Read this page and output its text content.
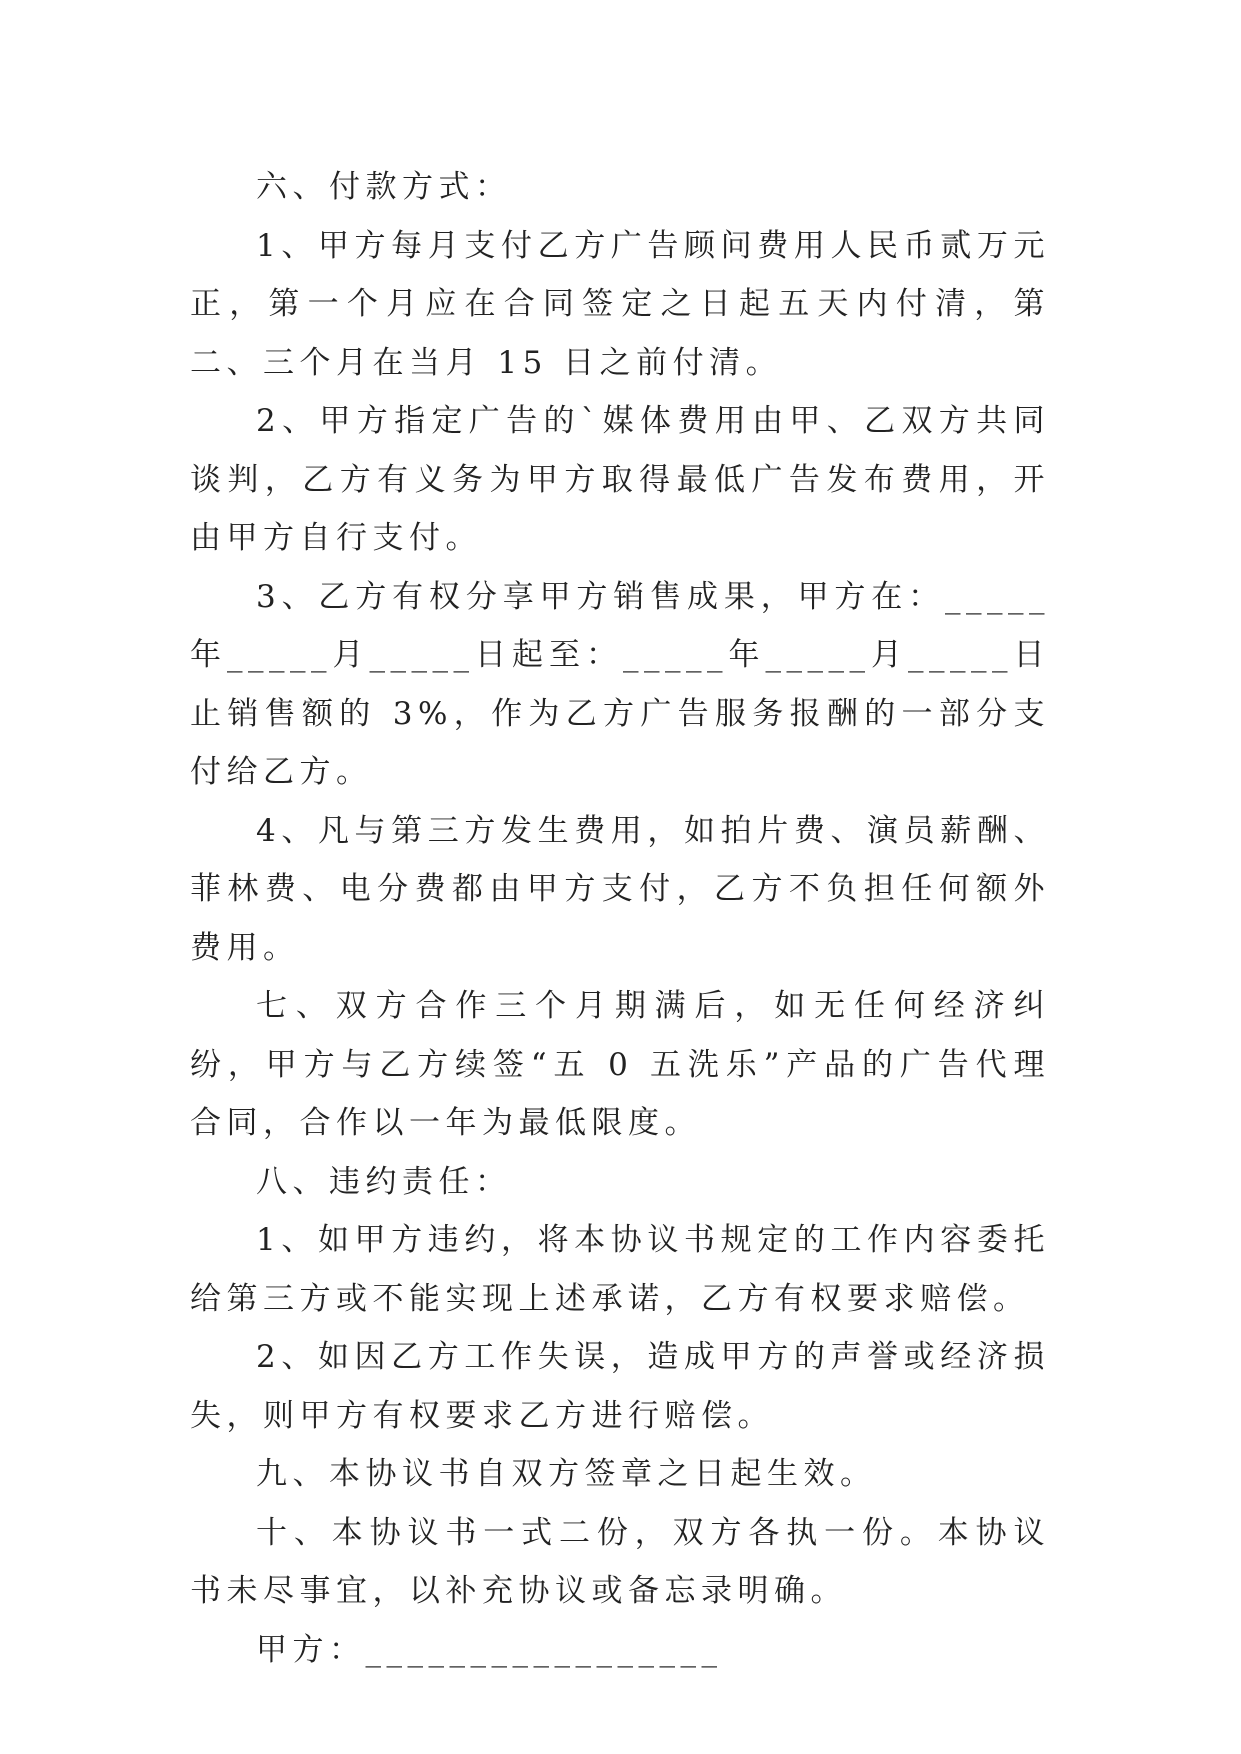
六、付款方式：

1、甲方每月支付乙方广告顾问费用人民币贰万元正，第一个月应在合同签定之日起五天内付清，第二、三个月在当月 15 日之前付清。

2、甲方指定广告的`媒体费用由甲、乙双方共同谈判，乙方有义务为甲方取得最低广告发布费用，开由甲方自行支付。

3、乙方有权分享甲方销售成果，甲方在：_____年_____月_____日起至：_____年_____月_____日止销售额的 3%，作为乙方广告服务报酬的一部分支付给乙方。

4、凡与第三方发生费用，如拍片费、演员薪酬、菲林费、电分费都由甲方支付，乙方不负担任何额外费用。

七、双方合作三个月期满后，如无任何经济纠纷，甲方与乙方续签“五 0 五洗乐”产品的广告代理合同，合作以一年为最低限度。

八、违约责任：

1、如甲方违约，将本协议书规定的工作内容委托给第三方或不能实现上述承诺，乙方有权要求赔偿。

2、如因乙方工作失误，造成甲方的声誉或经济损失，则甲方有权要求乙方进行赔偿。

九、本协议书自双方签章之日起生效。

十、本协议书一式二份，双方各执一份。本协议书未尽事宜，以补充协议或备忘录明确。

甲方：_________________
